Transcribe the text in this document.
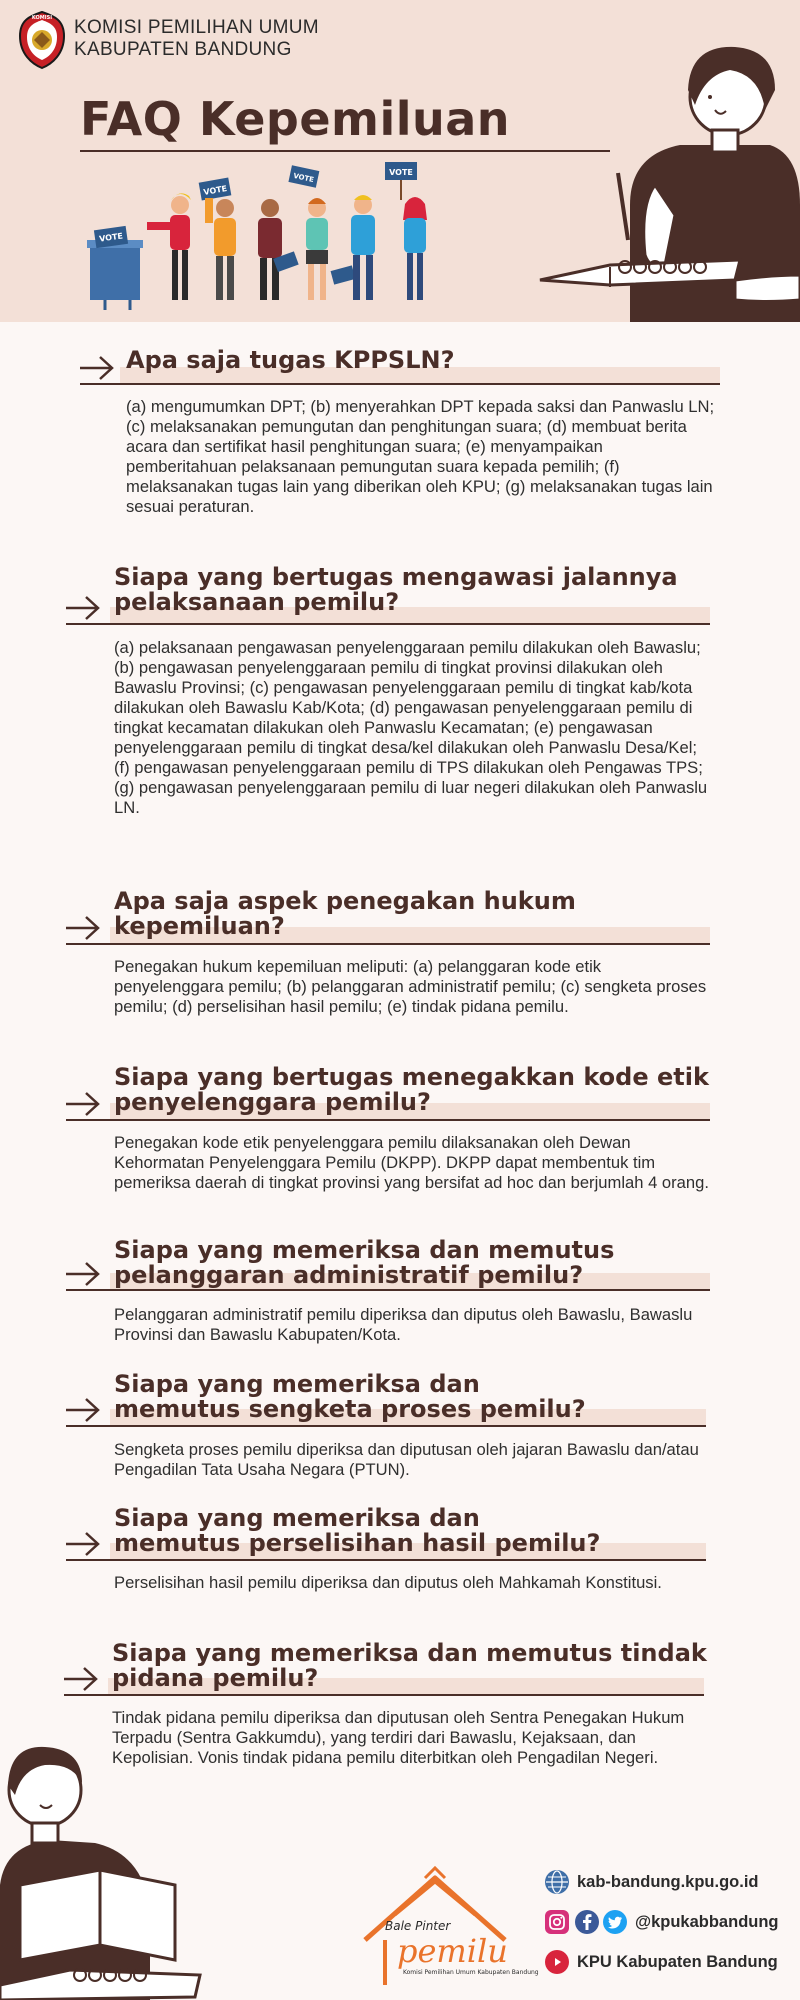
KOMISI KOMISI PEMILIHAN UMUM
KABUPATEN BANDUNG
FAQ Kepemiluan
VOTE
VOTE
VOTE	VOTE
Apa saja tugas KPPSLN?

(a) mengumumkan DPT; (b) menyerahkan DPT kepada saksi dan Panwaslu LN; (c) melaksanakan pemungutan dan penghitungan suara; (d) membuat berita acara dan sertifikat hasil penghitungan suara; (e) menyampaikan pemberitahuan pelaksanaan pemungutan suara kepada pemilih; (f) melaksanakan tugas lain yang diberikan oleh KPU; (g) melaksanakan tugas lain sesuai peraturan.

Siapa yang bertugas mengawasi jalannya pelaksanaan pemilu?

(a) pelaksanaan pengawasan penyelenggaraan pemilu dilakukan oleh Bawaslu; (b) pengawasan penyelenggaraan pemilu di tingkat provinsi dilakukan oleh Bawaslu Provinsi; (c) pengawasan penyelenggaraan pemilu di tingkat kab/kota dilakukan oleh Bawaslu Kab/Kota; (d) pengawasan penyelenggaraan pemilu di tingkat kecamatan dilakukan oleh Panwaslu Kecamatan; (e) pengawasan penyelenggaraan pemilu di tingkat desa/kel dilakukan oleh Panwaslu Desa/Kel; (f) pengawasan penyelenggaraan pemilu di TPS dilakukan oleh Pengawas TPS; (g) pengawasan penyelenggaraan pemilu di luar negeri dilakukan oleh Panwaslu LN.

Apa saja aspek penegakan hukum kepemiluan?

Penegakan hukum kepemiluan meliputi: (a) pelanggaran kode etik penyelenggara pemilu; (b) pelanggaran administratif pemilu; (c) sengketa proses pemilu; (d) perselisihan hasil pemilu; (e) tindak pidana pemilu.

Siapa yang bertugas menegakkan kode etik penyelenggara pemilu?

Penegakan kode etik penyelenggara pemilu dilaksanakan oleh Dewan Kehormatan Penyelenggara Pemilu (DKPP). DKPP dapat membentuk tim pemeriksa daerah di tingkat provinsi yang bersifat ad hoc dan berjumlah 4 orang.

Siapa yang memeriksa dan memutus pelanggaran administratif pemilu?

Pelanggaran administratif pemilu diperiksa dan diputus oleh Bawaslu, Bawaslu Provinsi dan Bawaslu Kabupaten/Kota.

Siapa yang memeriksa dan memutus sengketa proses pemilu?

Sengketa proses pemilu diperiksa dan diputusan oleh jajaran Bawaslu dan/atau Pengadilan Tata Usaha Negara (PTUN).

Siapa yang memeriksa dan memutus perselisihan hasil pemilu?

Perselisihan hasil pemilu diperiksa dan diputus oleh Mahkamah Konstitusi.

Siapa yang memeriksa dan memutus tindak pidana pemilu?

Tindak pidana pemilu diperiksa dan diputusan oleh Sentra Penegakan Hukum Terpadu (Sentra Gakkumdu), yang terdiri dari Bawaslu, Kejaksaan, dan Kepolisian. Vonis tindak pidana pemilu diterbitkan oleh Pengadilan Negeri.

Bale Pinter
pemilu
Komisi Pemilihan Umum Kabupaten Bandung
kab-bandung.kpu.go.id
@kpukabbandung
KPU Kabupaten Bandung
